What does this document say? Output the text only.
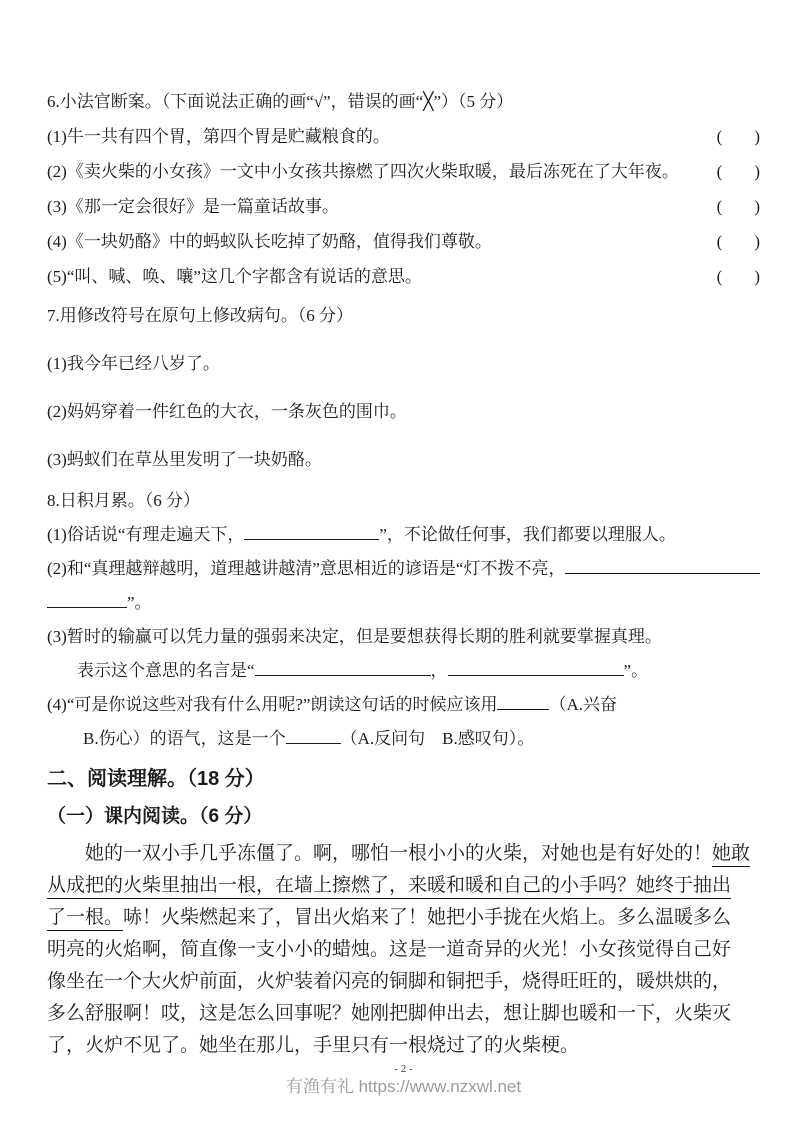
6.小法官断案。（下面说法正确的画“√”，错误的画“╳”）（5 分）
(1)牛一共有四个胃，第四个胃是贮藏粮食的。	( )
(2)《卖火柴的小女孩》一文中小女孩共擦燃了四次火柴取暖，最后冻死在了大年夜。	( )
(3)《那一定会很好》是一篇童话故事。	( )
(4)《一块奶酪》中的蚂蚁队长吃掉了奶酪，值得我们尊敬。	( )
(5)“叫、喊、唤、嚷”这几个字都含有说话的意思。	( )
7.用修改符号在原句上修改病句。（6 分）
(1)我今年已经八岁了。
(2)妈妈穿着一件红色的大衣，一条灰色的围巾。
(3)蚂蚁们在草丛里发明了一块奶酪。
8.日积月累。（6 分）
(1)俗话说“有理走遍天下，	”，不论做任何事，我们都要以理服人。
(2)和“真理越辩越明，道理越讲越清”意思相近的谚语是“灯不拨不亮，
”。
(3)暂时的输赢可以凭力量的强弱来决定，但是要想获得长期的胜利就要掌握真理。
表示这个意思的名言是“	，	”。
(4)“可是你说这些对我有什么用呢?”朗读这句话的时候应该用	（A.兴奋
B.伤心）的语气，这是一个	（A.反问句　B.感叹句）。
二、阅读理解。（18 分）
（一）课内阅读。（6 分）
她的一双小手几乎冻僵了。啊，哪怕一根小小的火柴，对她也是有好处的！她敢
从成把的火柴里抽出一根，在墙上擦燃了，来暖和暖和自己的小手吗？她终于抽出
了一根。哧！火柴燃起来了，冒出火焰来了！她把小手拢在火焰上。多么温暖多么
明亮的火焰啊，简直像一支小小的蜡烛。这是一道奇异的火光！小女孩觉得自己好
像坐在一个大火炉前面，火炉装着闪亮的铜脚和铜把手，烧得旺旺的，暖烘烘的，
多么舒服啊！哎，这是怎么回事呢？她刚把脚伸出去，想让脚也暖和一下，火柴灭
了，火炉不见了。她坐在那儿，手里只有一根烧过了的火柴梗。
- 2 -
有渔有礼 https://www.nzxwl.net
